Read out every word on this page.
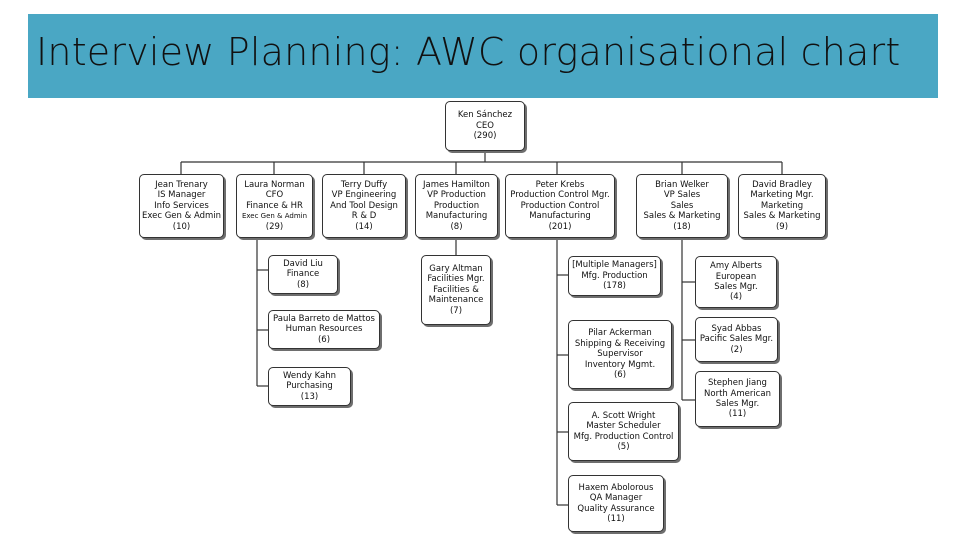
Interview Planning: AWC organisational chart
Ken Sánchez
CEO
(290)
Jean Trenary
IS Manager
Info Services
Exec Gen & Admin
(10)
Laura Norman
CFO
Finance & HR
Exec Gen & Admin
(29)
Terry Duffy
VP Engineering
And Tool Design
R & D
(14)
James Hamilton
VP Production
Production
Manufacturing
(8)
Peter Krebs
Production Control Mgr.
Production Control
Manufacturing
(201)
Brian Welker
VP Sales
Sales
Sales & Marketing
(18)
David Bradley
Marketing Mgr.
Marketing
Sales & Marketing
(9)
David Liu
Finance
(8)
Paula Barreto de Mattos
Human Resources
(6)
Wendy Kahn
Purchasing
(13)
Gary Altman
Facilities Mgr.
Facilities &
Maintenance
(7)
[Multiple Managers]
Mfg. Production
(178)
Pilar Ackerman
Shipping & Receiving
Supervisor
Inventory Mgmt.
(6)
A. Scott Wright
Master Scheduler
Mfg. Production Control
(5)
Haxem Abolorous
QA Manager
Quality Assurance
(11)
Amy Alberts
European
Sales Mgr.
(4)
Syad Abbas
Pacific Sales Mgr.
(2)
Stephen Jiang
North American
Sales Mgr.
(11)
